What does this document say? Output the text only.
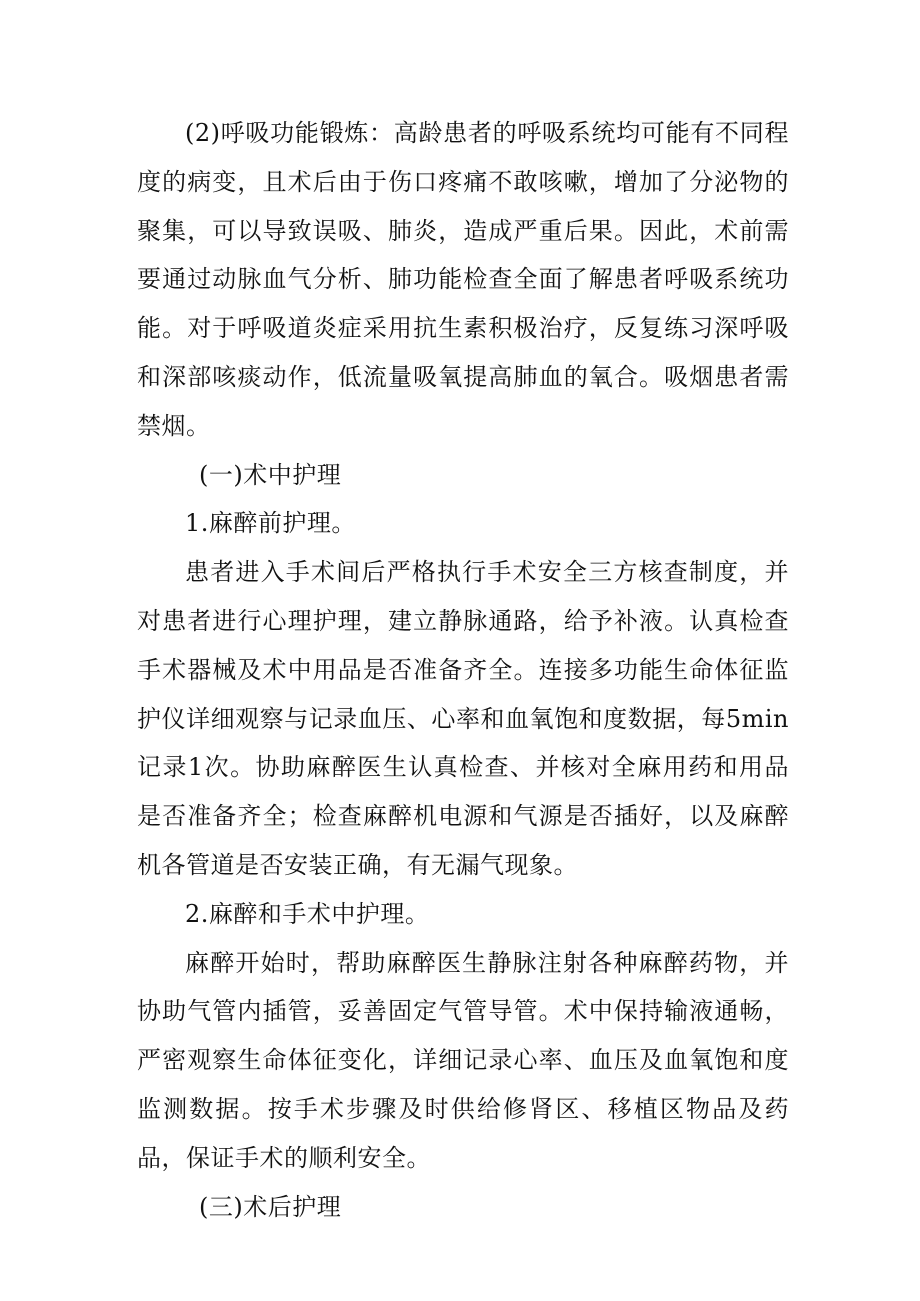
(2)呼吸功能锻炼：高龄患者的呼吸系统均可能有不同程度的病变，且术后由于伤口疼痛不敢咳嗽，增加了分泌物的聚集，可以导致误吸、肺炎，造成严重后果。因此，术前需要通过动脉血气分析、肺功能检查全面了解患者呼吸系统功能。对于呼吸道炎症采用抗生素积极治疗，反复练习深呼吸和深部咳痰动作，低流量吸氧提高肺血的氧合。吸烟患者需禁烟。

(一)术中护理

1.麻醉前护理。

患者进入手术间后严格执行手术安全三方核查制度，并对患者进行心理护理，建立静脉通路，给予补液。认真检查手术器械及术中用品是否准备齐全。连接多功能生命体征监护仪详细观察与记录血压、心率和血氧饱和度数据，每5min记录1次。协助麻醉医生认真检查、并核对全麻用药和用品是否准备齐全；检查麻醉机电源和气源是否插好，以及麻醉机各管道是否安装正确，有无漏气现象。

2.麻醉和手术中护理。

麻醉开始时，帮助麻醉医生静脉注射各种麻醉药物，并协助气管内插管，妥善固定气管导管。术中保持输液通畅，严密观察生命体征变化，详细记录心率、血压及血氧饱和度监测数据。按手术步骤及时供给修肾区、移植区物品及药品，保证手术的顺利安全。

(三)术后护理
